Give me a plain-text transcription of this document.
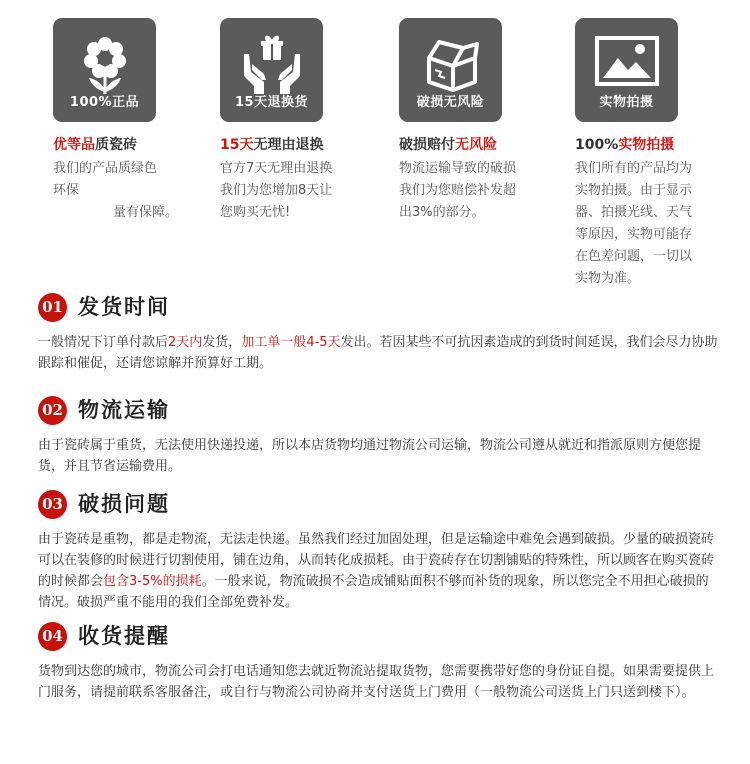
100%正品
优等品质瓷砖
我们的产品质绿色
环保
量有保障。
15天退换货
15天无理由退换
官方7天无理由退换
我们为您增加8天让
您购买无忧!
破损无风险
破损赔付无风险
物流运输导致的破损
我们为您赔偿补发超
出3%的部分。
实物拍摄
100%实物拍摄
我们所有的产品均为
实物拍摄。由于显示
器、拍摄光线、天气
等原因，实物可能存
在色差问题，一切以
实物为准。
01 发货时间
一般情况下订单付款后2天内发货，加工单一般4-5天发出。若因某些不可抗因素造成的到货时间延误，我们会尽力协助跟踪和催促，还请您谅解并预算好工期。
02 物流运输
由于瓷砖属于重货，无法使用快递投递，所以本店货物均通过物流公司运输，物流公司遵从就近和指派原则方便您提货，并且节省运输费用。
03 破损问题
由于瓷砖是重物，都是走物流，无法走快递。虽然我们经过加固处理，但是运输途中难免会遇到破损。少量的破损瓷砖可以在装修的时候进行切割使用，铺在边角，从而转化成损耗。由于瓷砖存在切割铺贴的特殊性，所以顾客在购买瓷砖的时候都会包含3-5%的损耗。一般来说，物流破损不会造成铺贴面积不够而补货的现象，所以您完全不用担心破损的情况。破损严重不能用的我们全部免费补发。
04 收货提醒
货物到达您的城市，物流公司会打电话通知您去就近物流站提取货物，您需要携带好您的身份证自提。如果需要提供上门服务，请提前联系客服备注，或自行与物流公司协商并支付送货上门费用（一般物流公司送货上门只送到楼下）。
